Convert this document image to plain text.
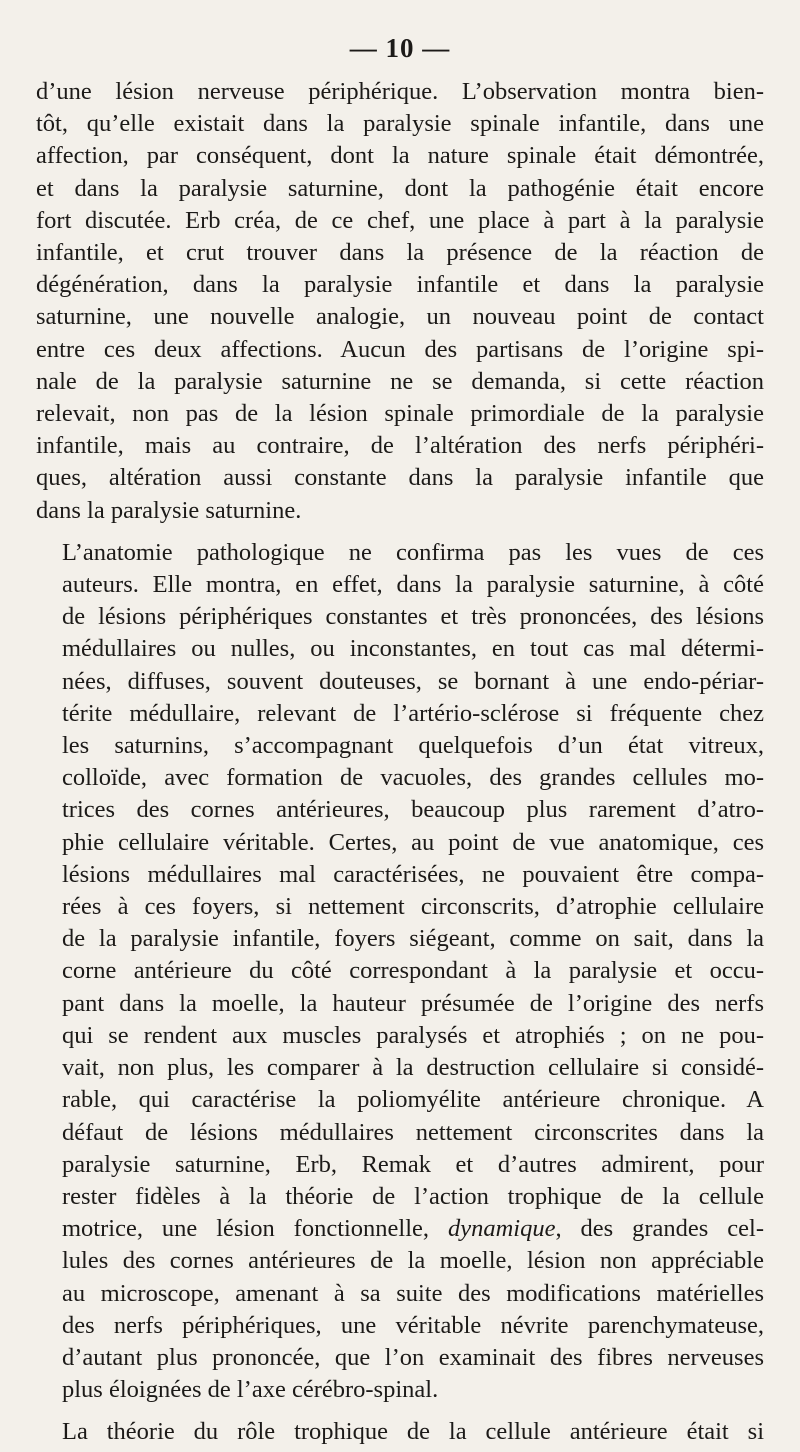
— 10 —

d’une lésion nerveuse périphérique. L’observation montra bien-
tôt, qu’elle existait dans la paralysie spinale infantile, dans une
affection, par conséquent, dont la nature spinale était démontrée,
et dans la paralysie saturnine, dont la pathogénie était encore
fort discutée. Erb créa, de ce chef, une place à part à la paralysie
infantile, et crut trouver dans la présence de la réaction de
dégénération, dans la paralysie infantile et dans la paralysie
saturnine, une nouvelle analogie, un nouveau point de contact
entre ces deux affections. Aucun des partisans de l’origine spi-
nale de la paralysie saturnine ne se demanda, si cette réaction
relevait, non pas de la lésion spinale primordiale de la paralysie
infantile, mais au contraire, de l’altération des nerfs périphéri-
ques, altération aussi constante dans la paralysie infantile que
dans la paralysie saturnine.

L’anatomie pathologique ne confirma pas les vues de ces
auteurs. Elle montra, en effet, dans la paralysie saturnine, à côté
de lésions périphériques constantes et très prononcées, des lésions
médullaires ou nulles, ou inconstantes, en tout cas mal détermi-
nées, diffuses, souvent douteuses, se bornant à une endo-périar-
térite médullaire, relevant de l’artério-sclérose si fréquente chez
les saturnins, s’accompagnant quelquefois d’un état vitreux,
colloïde, avec formation de vacuoles, des grandes cellules mo-
trices des cornes antérieures, beaucoup plus rarement d’atro-
phie cellulaire véritable. Certes, au point de vue anatomique, ces
lésions médullaires mal caractérisées, ne pouvaient être compa-
rées à ces foyers, si nettement circonscrits, d’atrophie cellulaire
de la paralysie infantile, foyers siégeant, comme on sait, dans la
corne antérieure du côté correspondant à la paralysie et occu-
pant dans la moelle, la hauteur présumée de l’origine des nerfs
qui se rendent aux muscles paralysés et atrophiés ; on ne pou-
vait, non plus, les comparer à la destruction cellulaire si considé-
rable, qui caractérise la poliomyélite antérieure chronique. A
défaut de lésions médullaires nettement circonscrites dans la
paralysie saturnine, Erb, Remak et d’autres admirent, pour
rester fidèles à la théorie de l’action trophique de la cellule
motrice, une lésion fonctionnelle, dynamique, des grandes cel-
lules des cornes antérieures de la moelle, lésion non appréciable
au microscope, amenant à sa suite des modifications matérielles
des nerfs périphériques, une véritable névrite parenchymateuse,
d’autant plus prononcée, que l’on examinait des fibres nerveuses
plus éloignées de l’axe cérébro-spinal.

La théorie du rôle trophique de la cellule antérieure était si
